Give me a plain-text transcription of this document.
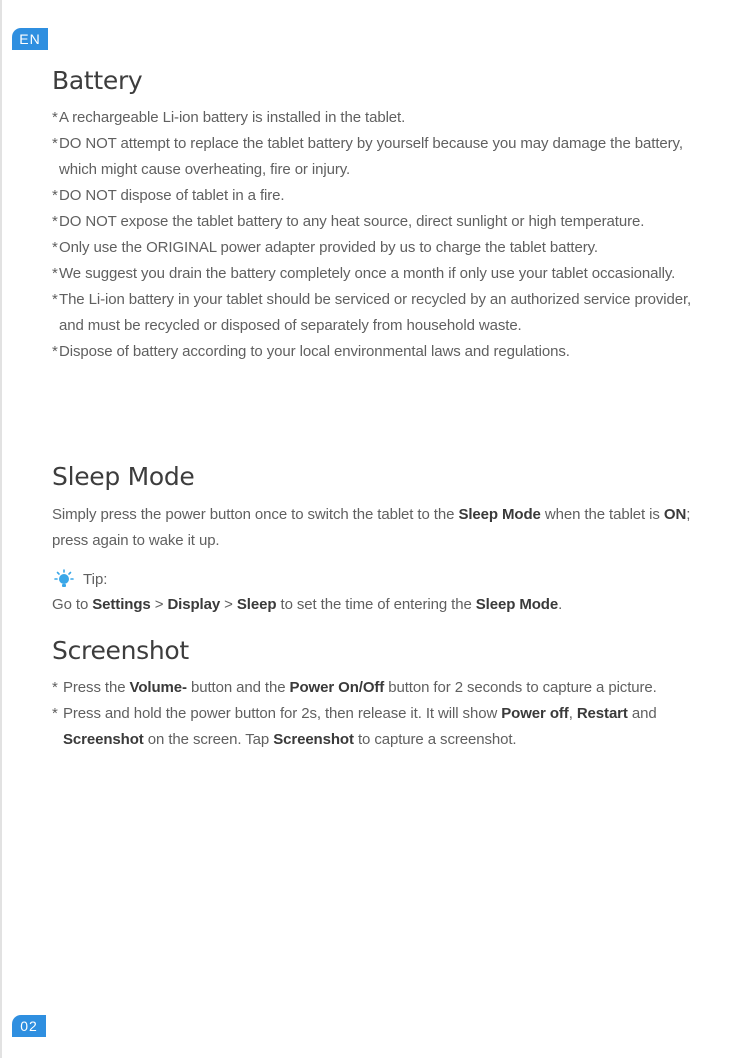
EN
Battery
*A rechargeable Li-ion battery is installed in the tablet.
*DO NOT attempt to replace the tablet battery by yourself because you may damage the battery, which might cause overheating, fire or injury.
*DO NOT dispose of tablet in a fire.
*DO NOT expose the tablet battery to any heat source, direct sunlight or high temperature.
*Only use the ORIGINAL power adapter provided by us to charge the tablet battery.
*We suggest you drain the battery completely once a month if only use your tablet occasionally.
*The Li-ion battery in your tablet should be serviced or recycled by an authorized service provider, and must be recycled or disposed of separately from household waste.
*Dispose of battery according to your local environmental laws and regulations.
Sleep Mode

Simply press the power button once to switch the tablet to the Sleep Mode when the tablet is ON; press again to wake it up.

Tip:

Go to Settings > Display > Sleep to set the time of entering the Sleep Mode.

Screenshot
* Press the Volume- button and the Power On/Off button for 2 seconds to capture a picture.
* Press and hold the power button for 2s, then release it. It will show Power off, Restart and Screenshot on the screen. Tap Screenshot to capture a screenshot.
02
